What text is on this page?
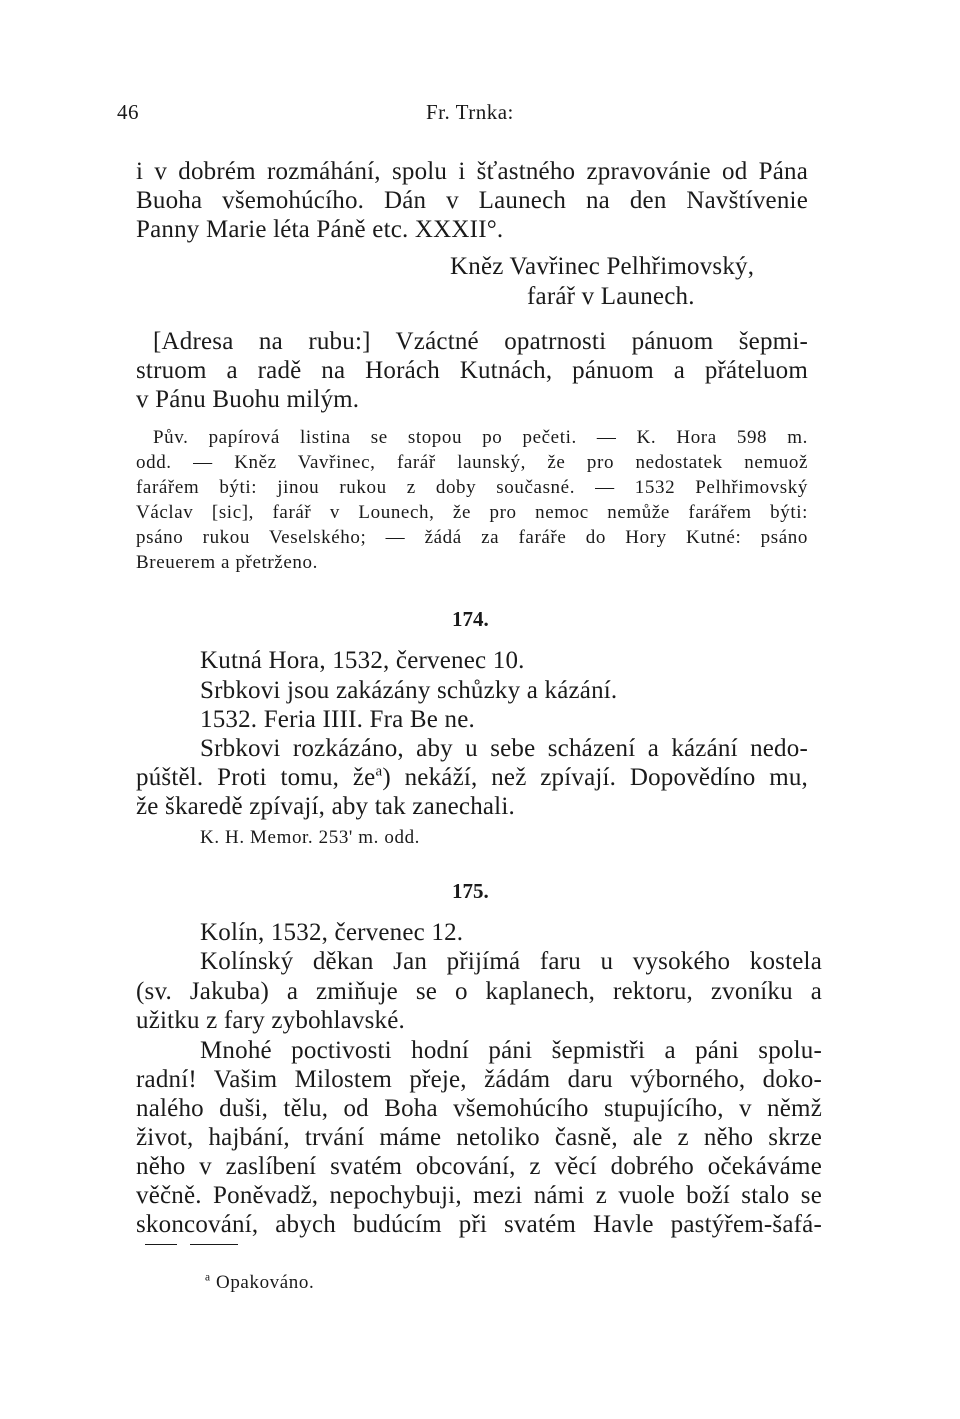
46	Fr. Trnka:
i v dobrém rozmáhání, spolu i šťastného zpravovánie od Pána
Buoha všemohúcího. Dán v Launech na den Navštívenie
Panny Marie léta Páně etc. XXXII°.
Kněz Vavřinec Pelhřimovský,
farář v Launech.
[Adresa na rubu:] Vzáctné opatrnosti pánuom šepmi-
struom a radě na Horách Kutnách, pánuom a přáteluom
v Pánu Buohu milým.
Pův. papírová listina se stopou po pečeti. — K. Hora 598 m.
odd. — Kněz Vavřinec, farář launský, že pro nedostatek nemuož
farářem býti: jinou rukou z doby současné. — 1532 Pelhřimovský
Václav [sic], farář v Lounech, že pro nemoc nemůže farářem býti:
psáno rukou Veselského; — žádá za faráře do Hory Kutné: psáno
Breuerem a přetrženo.
174.
Kutná Hora, 1532, červenec 10.
Srbkovi jsou zakázány schůzky a kázání.
1532. Feria IIII. Fra Be ne.
Srbkovi rozkázáno, aby u sebe scházení a kázání nedo-
púštěl. Proti tomu, $že^a$) nekáží, než zpívají. Dopovědíno mu,
že škaredě zpívají, aby tak zanechali.
K. H. Memor. 253' m. odd.
175.
Kolín, 1532, červenec 12.
Kolínský děkan Jan přijímá faru u vysokého kostela
(sv. Jakuba) a zmiňuje se o kaplanech, rektoru, zvoníku a
užitku z fary zybohlavské.
Mnohé poctivosti hodní páni šepmistři a páni spolu-
radní! Vašim Milostem přeje, žádám daru výborného, doko-
nalého duši, tělu, od Boha všemohúcího stupujícího, v němž
život, hajbání, trvání máme netoliko časně, ale z něho skrze
něho v zaslíbení svatém obcování, z věcí dobrého očekáváme
věčně. Poněvadž, nepochybuji, mezi námi z vuole boží stalo se
skoncování, abych budúcím při svatém Havle pastýřem-šafá-
$^a$ Opakováno.
